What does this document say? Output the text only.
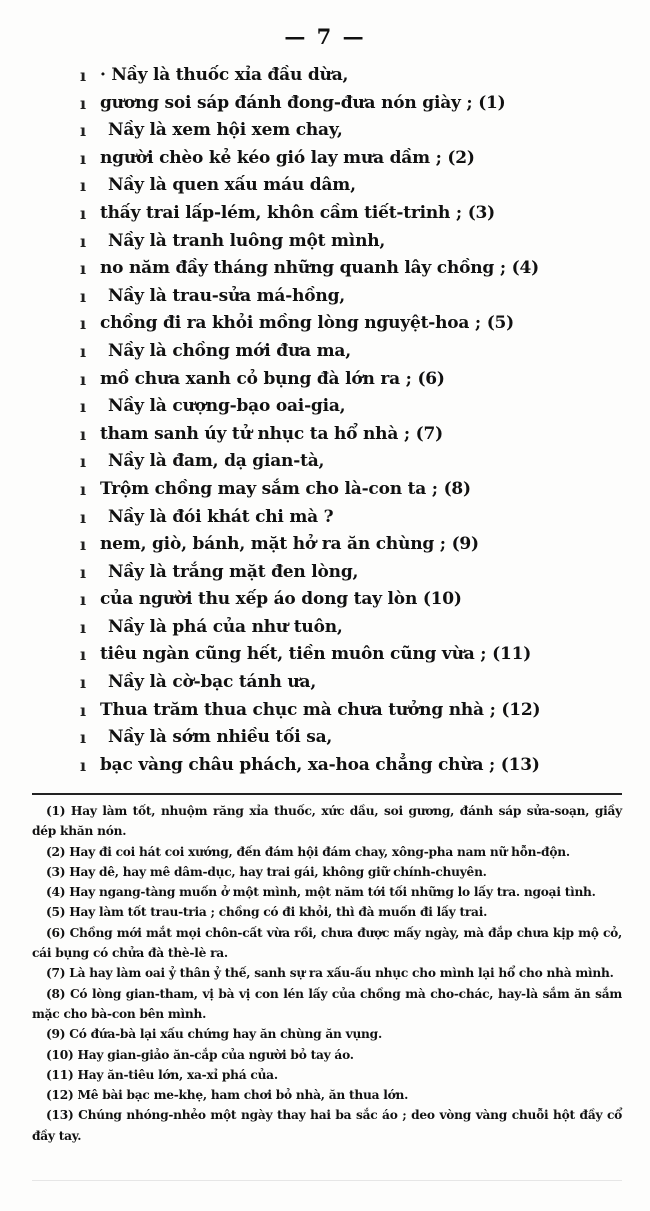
— 7 —
ı · Nầy là thuốc xỉa đầu dừa,
ı gương soi sáp đánh đong-đưa nón giày ; (1)
ı	Nầy là xem hội xem chay,
ı người chèo kẻ kéo gió lay mưa dầm ; (2)
ı	Nầy là quen xấu máu dâm,
ı thấy trai lấp-lém, khôn cầm tiết-trinh ; (3)
ı	Nầy là tranh luông một mình,
ı no năm đầy tháng những quanh lây chồng ; (4)
ı	Nầy là trau-sửa má-hồng,
ı chồng đi ra khỏi mồng lòng nguyệt-hoa ; (5)
ı	Nầy là chồng mới đưa ma,
ı mồ chưa xanh cỏ bụng đà lớn ra ; (6)
ı	Nầy là cượng-bạo oai-gia,
ı tham sanh úy tử nhục ta hổ nhà ; (7)
ı	Nầy là đam, dạ gian-tà,
ı Trộm chồng may sắm cho là-con ta ; (8)
ı	Nầy là đói khát chi mà ?
ı nem, giò, bánh, mặt hở ra ăn chùng ; (9)
ı	Nầy là trắng mặt đen lòng,
ı của người thu xếp áo dong tay lòn (10)
ı	Nầy là phá của như tuôn,
ı tiêu ngàn cũng hết, tiền muôn cũng vừa ; (11)
ı	Nầy là cờ-bạc tánh ưa,
ı Thua trăm thua chục mà chưa tưởng nhà ; (12)
ı	Nầy là sớm nhiều tối sa,
ı bạc vàng châu phách, xa-hoa chẳng chừa ; (13)
(1) Hay làm tốt, nhuộm răng xỉa thuốc, xức dầu, soi gương, đánh sáp sửa-soạn, giầy dép khăn nón.
(2) Hay đi coi hát coi xướng, đến đám hội đám chay, xông-pha nam nữ hỗn-độn.
(3) Hay dê, hay mê dâm-dục, hay trai gái, không giữ chính-chuyên.
(4) Hay ngang-tàng muốn ở một mình, một năm tới tối những lo lấy tra. ngoại tình.
(5) Hay làm tốt trau-tria ; chồng có đi khỏi, thì đà muốn đi lấy trai.
(6) Chồng mới mắt mọi chôn-cất vừa rồi, chưa được mấy ngày, mà đắp chưa kịp mộ cỏ, cái bụng có chửa đà thè-lè ra.
(7) Là hay làm oai ỷ thân ỷ thế, sanh sự ra xấu-ấu nhục cho mình lại hổ cho nhà mình.
(8) Có lòng gian-tham, vị bà vị con lén lấy của chồng mà cho-chác, hay-là sắm ăn sắm mặc cho bà-con bên mình.
(9) Có đứa-bà lại xấu chứng hay ăn chùng ăn vụng.
(10) Hay gian-giảo ăn-cắp của người bỏ tay áo.
(11) Hay ăn-tiêu lớn, xa-xỉ phá của.
(12) Mê bài bạc me-khẹ, ham chơi bỏ nhà, ăn thua lớn.
(13) Chúng nhóng-nhẻo một ngày thay hai ba sắc áo ; deo vòng vàng chuỗi hột đầy cổ đầy tay.
